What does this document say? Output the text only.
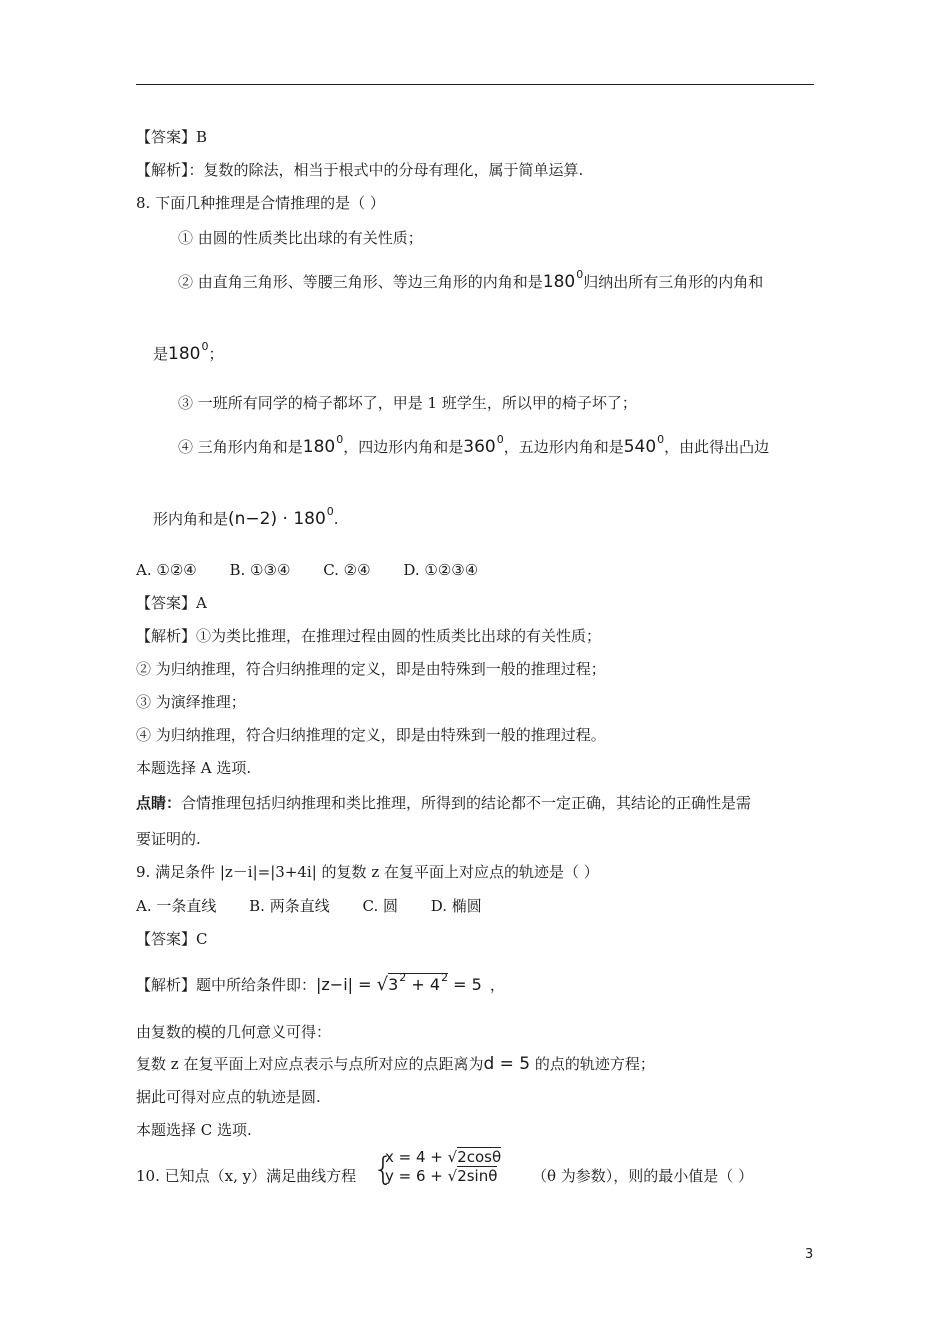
【答案】B
【解析】：复数的除法，相当于根式中的分母有理化，属于简单运算.
8. 下面几种推理是合情推理的是（ ）
① 由圆的性质类比出球的有关性质；
② 由直角三角形、等腰三角形、等边三角形的内角和是$180^0$归纳出所有三角形的内角和
是$180^0$；
③ 一班所有同学的椅子都坏了，甲是 1 班学生，所以甲的椅子坏了；
④ 三角形内角和是$180^0$，四边形内角和是$360^0$，五边形内角和是$540^0$，由此得出凸边
形内角和是$(n-2) \cdot 180^0$.
A. ①②④ B. ①③④ C. ②④ D. ①②③④
【答案】A
【解析】①为类比推理，在推理过程由圆的性质类比出球的有关性质；
② 为归纳推理，符合归纳推理的定义，即是由特殊到一般的推理过程；
③ 为演绎推理；
④ 为归纳推理，符合归纳推理的定义，即是由特殊到一般的推理过程。
本题选择 A 选项.
点睛：合情推理包括归纳推理和类比推理，所得到的结论都不一定正确，其结论的正确性是需
要证明的.
9. 满足条件 |z－i|=|3+4i| 的复数 z 在复平面上对应点的轨迹是（ ）
A. 一条直线 B. 两条直线 C. 圆 D. 椭圆
【答案】C
【解析】题中所给条件即：$|z-i| = √3^2 + 4^2 = 5$ ，
由复数的模的几何意义可得：
复数 z 在复平面上对应点表示与点所对应的点距离为d = 5 的点的轨迹方程；
据此可得对应点的轨迹是圆.
本题选择 C 选项.
10. 已知点（x, y）满足曲线方程 {
x = 4 + √2cosθ
y = 6 + √2sinθ （θ 为参数），则的最小值是（ ）
3
